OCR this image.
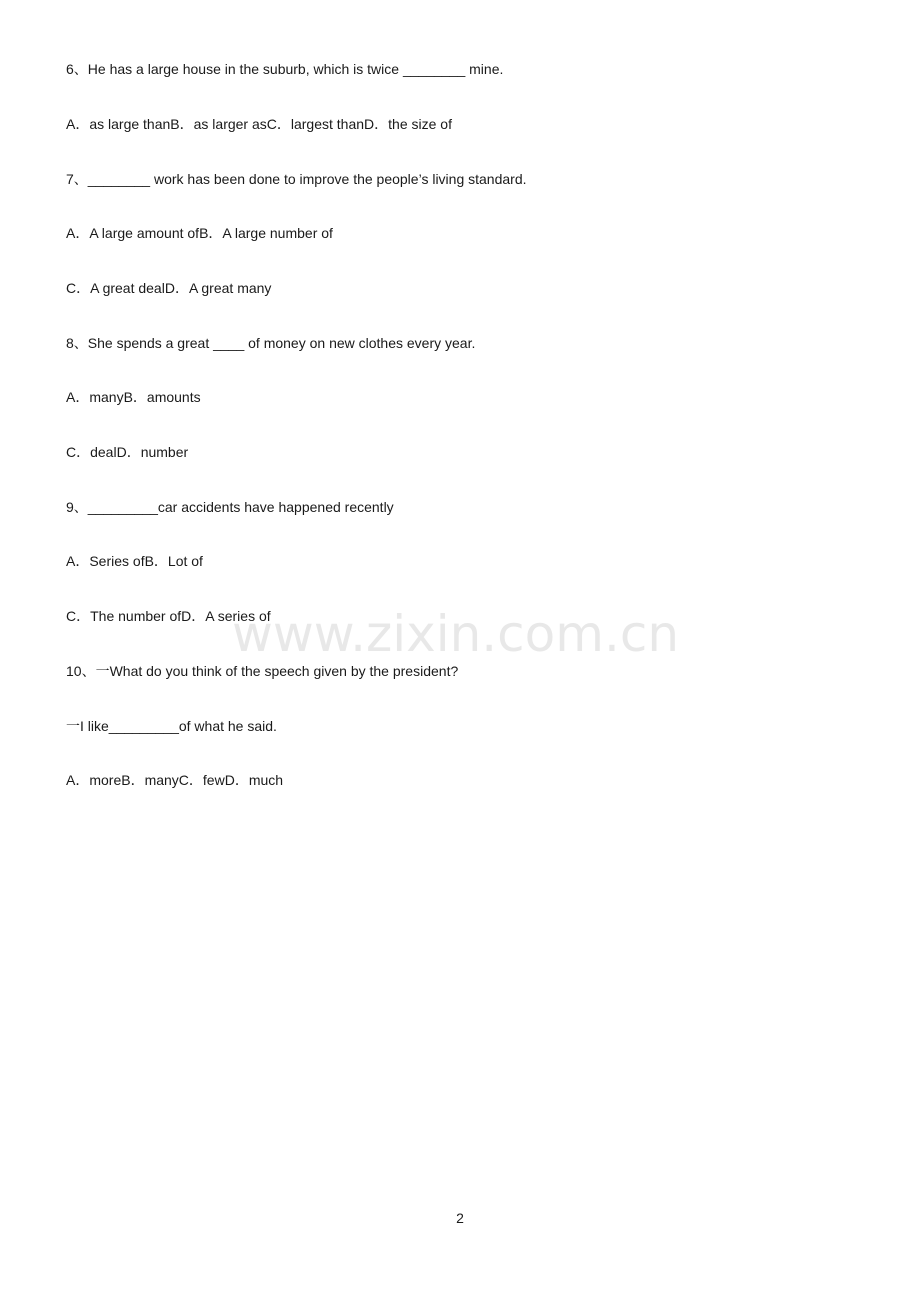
6、He has a large house in the suburb, which is twice ________ mine.
A．as large thanB．as larger asC．largest thanD．the size of
7、________ work has been done to improve the people’s living standard.
A．A large amount ofB．A large number of
C．A great dealD．A great many
8、She spends a great ____ of money on new clothes every year.
A．manyB．amounts
C．dealD．number
9、_________car accidents have happened recently
A．Series ofB．Lot of
C．The number ofD．A series of
10、一What do you think of the speech given by the president?
一I like_________of what he said.
A．moreB．manyC．fewD．much
www.zixin.com.cn
2
